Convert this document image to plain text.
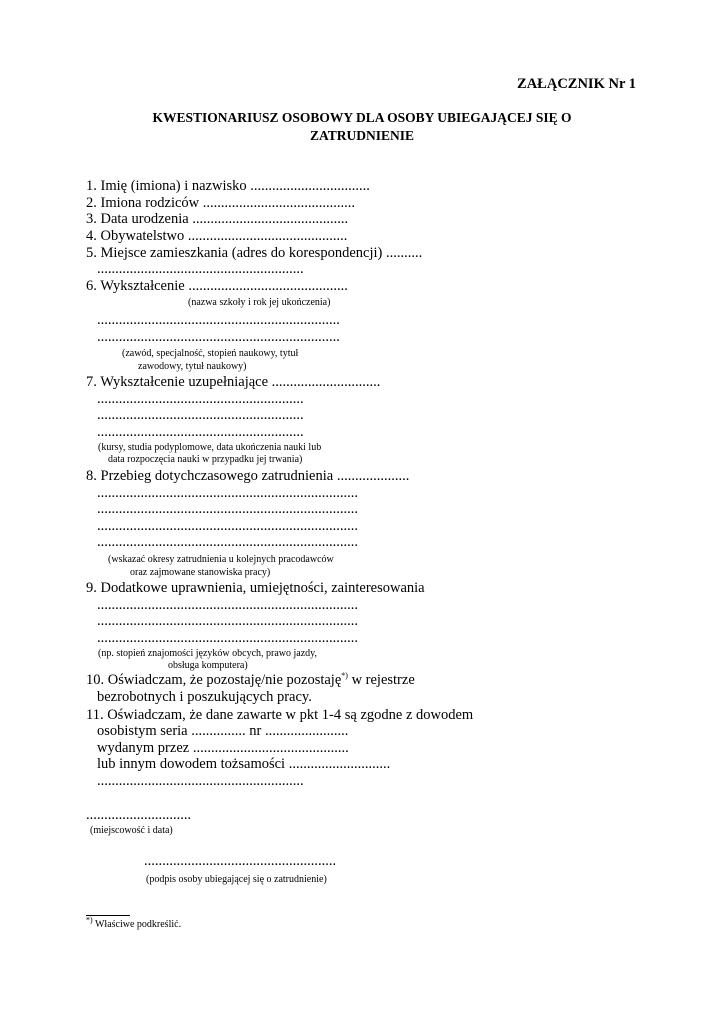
ZAŁĄCZNIK Nr 1
KWESTIONARIUSZ OSOBOWY DLA OSOBY UBIEGAJĄCEJ SIĘ O
ZATRUDNIENIE
1. Imię (imiona) i nazwisko .................................
2. Imiona rodziców ..........................................
3. Data urodzenia ...........................................
4. Obywatelstwo ............................................
5. Miejsce zamieszkania (adres do korespondencji) ..........
.........................................................
6. Wykształcenie ............................................
(nazwa szkoły i rok jej ukończenia)
...................................................................
...................................................................
(zawód, specjalność, stopień naukowy, tytuł
zawodowy, tytuł naukowy)
7. Wykształcenie uzupełniające ..............................
.........................................................
.........................................................
.........................................................
(kursy, studia podyplomowe, data ukończenia nauki lub
data rozpoczęcia nauki w przypadku jej trwania)
8. Przebieg dotychczasowego zatrudnienia ....................
........................................................................
........................................................................
........................................................................
........................................................................
(wskazać okresy zatrudnienia u kolejnych pracodawców
oraz zajmowane stanowiska pracy)
9. Dodatkowe uprawnienia, umiejętności, zainteresowania
........................................................................
........................................................................
........................................................................
(np. stopień znajomości języków obcych, prawo jazdy,
obsługa komputera)
10. Oświadczam, że pozostaję/nie pozostaję*) w rejestrze
bezrobotnych i poszukujących pracy.
11. Oświadczam, że dane zawarte w pkt 1-4 są zgodne z dowodem
osobistym seria ............... nr .......................
wydanym przez ...........................................
lub innym dowodem tożsamości ............................
.........................................................
.............................
(miejscowość i data)
.....................................................
(podpis osoby ubiegającej się o zatrudnienie)
*) Właściwe podkreślić.
